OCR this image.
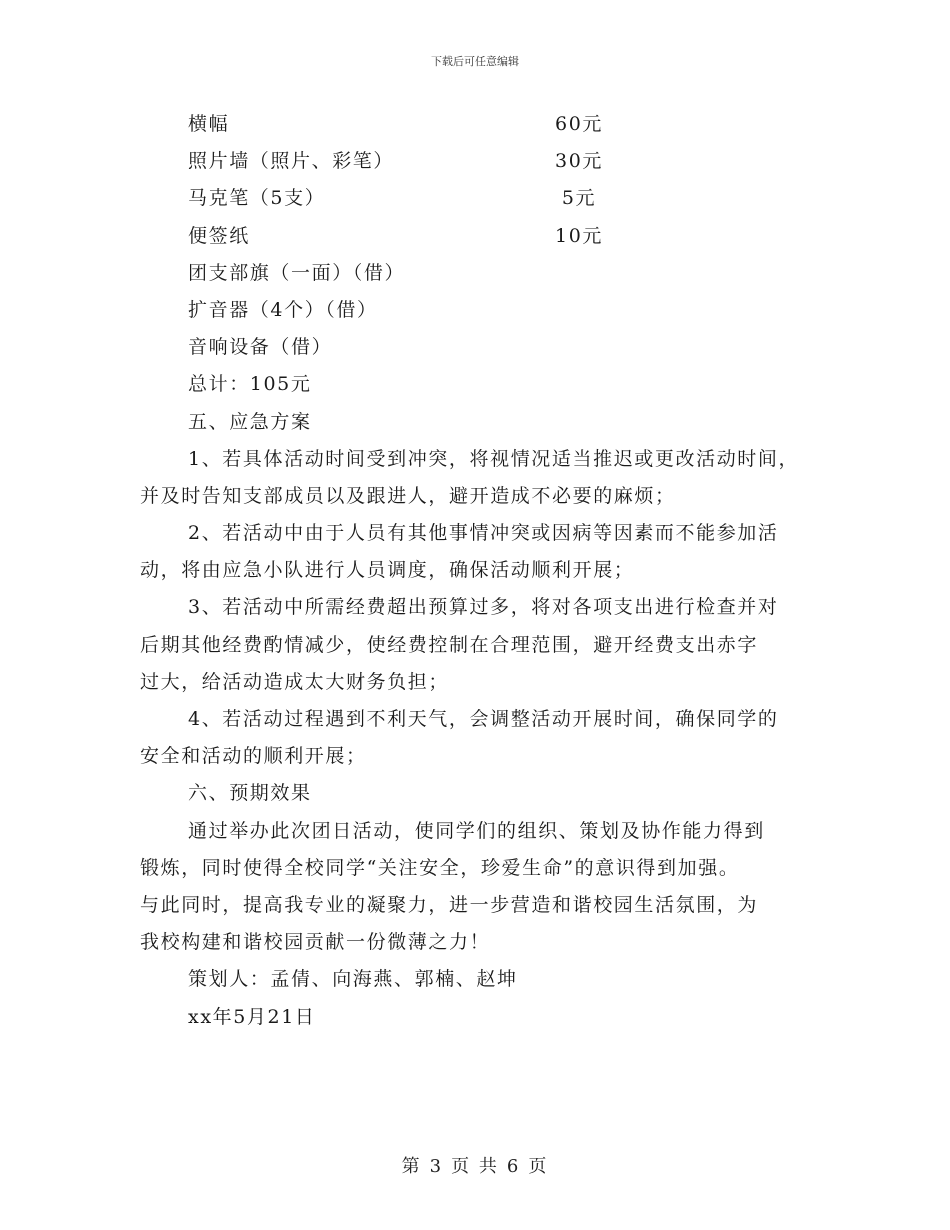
下载后可任意编辑
横幅	60元
照片墙（照片、彩笔）	30元
马克笔（5支）	5元
便签纸	10元
团支部旗（一面）（借）
扩音器（4个）（借）
音响设备（借）
总计：105元
五、应急方案
1、若具体活动时间受到冲突，将视情况适当推迟或更改活动时间，
并及时告知支部成员以及跟进人，避开造成不必要的麻烦；
2、若活动中由于人员有其他事情冲突或因病等因素而不能参加活
动，将由应急小队进行人员调度，确保活动顺利开展；
3、若活动中所需经费超出预算过多，将对各项支出进行检查并对
后期其他经费酌情减少，使经费控制在合理范围，避开经费支出赤字
过大，给活动造成太大财务负担；
4、若活动过程遇到不利天气，会调整活动开展时间，确保同学的
安全和活动的顺利开展；
六、预期效果
通过举办此次团日活动，使同学们的组织、策划及协作能力得到
锻炼，同时使得全校同学“关注安全，珍爱生命”的意识得到加强。
与此同时，提高我专业的凝聚力，进一步营造和谐校园生活氛围，为
我校构建和谐校园贡献一份微薄之力！
策划人：孟倩、向海燕、郭楠、赵坤
xx年5月21日
第 3 页 共 6 页
